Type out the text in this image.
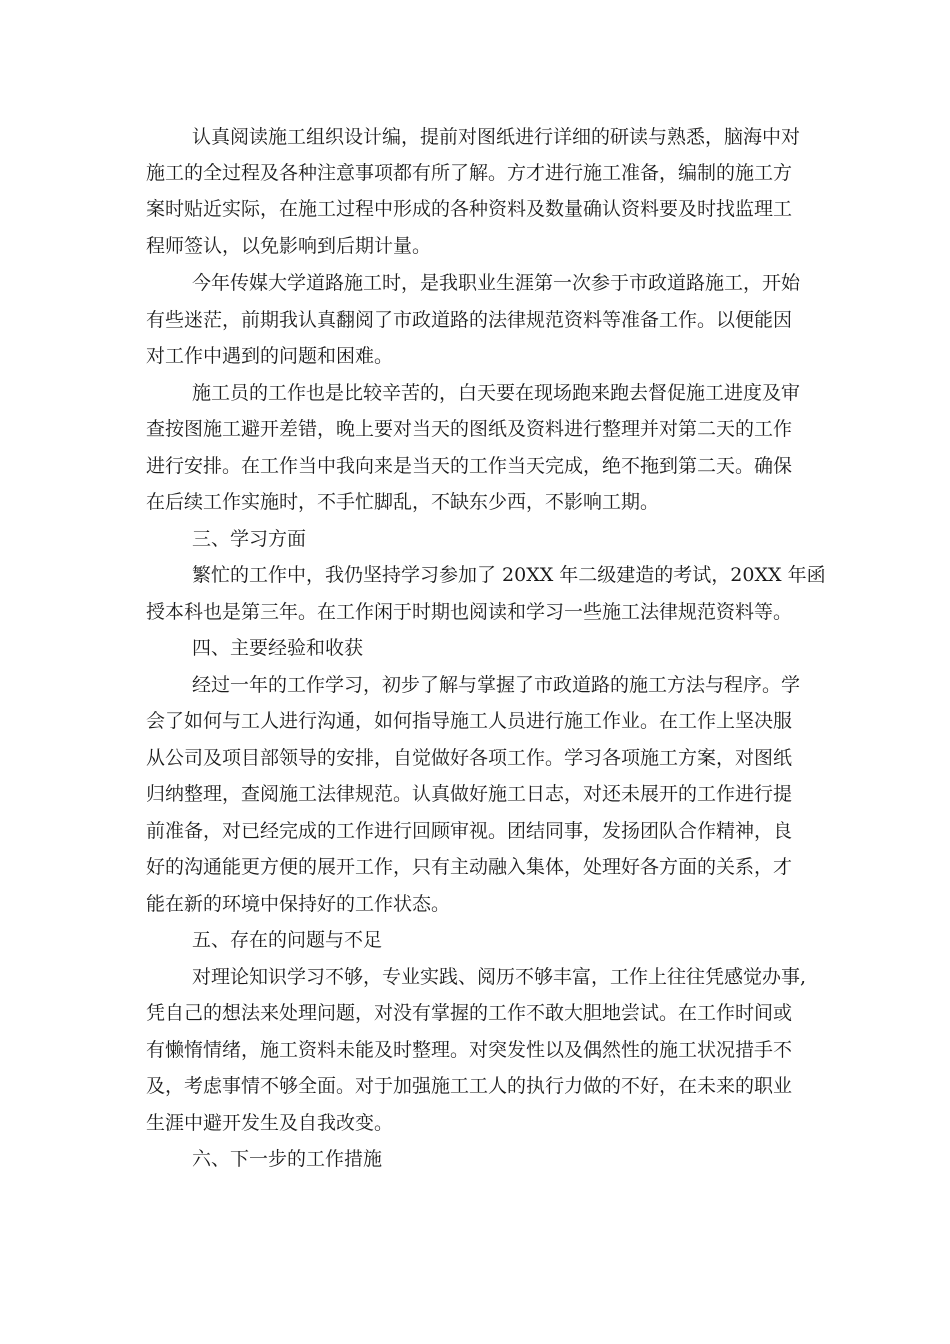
认真阅读施工组织设计编，提前对图纸进行详细的研读与熟悉，脑海中对

施工的全过程及各种注意事项都有所了解。方才进行施工准备，编制的施工方

案时贴近实际，在施工过程中形成的各种资料及数量确认资料要及时找监理工

程师签认，以免影响到后期计量。

今年传媒大学道路施工时，是我职业生涯第一次参于市政道路施工，开始

有些迷茫，前期我认真翻阅了市政道路的法律规范资料等准备工作。以便能因

对工作中遇到的问题和困难。

施工员的工作也是比较辛苦的，白天要在现场跑来跑去督促施工进度及审

查按图施工避开差错，晚上要对当天的图纸及资料进行整理并对第二天的工作

进行安排。在工作当中我向来是当天的工作当天完成，绝不拖到第二天。确保

在后续工作实施时，不手忙脚乱，不缺东少西，不影响工期。

三、学习方面

繁忙的工作中，我仍坚持学习参加了 20XX 年二级建造的考试，20XX 年函

授本科也是第三年。在工作闲于时期也阅读和学习一些施工法律规范资料等。

四、主要经验和收获

经过一年的工作学习，初步了解与掌握了市政道路的施工方法与程序。学

会了如何与工人进行沟通，如何指导施工人员进行施工作业。在工作上坚决服

从公司及项目部领导的安排，自觉做好各项工作。学习各项施工方案，对图纸

归纳整理，查阅施工法律规范。认真做好施工日志，对还未展开的工作进行提

前准备，对已经完成的工作进行回顾审视。团结同事，发扬团队合作精神，良

好的沟通能更方便的展开工作，只有主动融入集体，处理好各方面的关系，才

能在新的环境中保持好的工作状态。

五、存在的问题与不足

对理论知识学习不够，专业实践、阅历不够丰富，工作上往往凭感觉办事,

凭自己的想法来处理问题，对没有掌握的工作不敢大胆地尝试。在工作时间或

有懒惰情绪，施工资料未能及时整理。对突发性以及偶然性的施工状况措手不

及，考虑事情不够全面。对于加强施工工人的执行力做的不好，在未来的职业

生涯中避开发生及自我改变。

六、下一步的工作措施
